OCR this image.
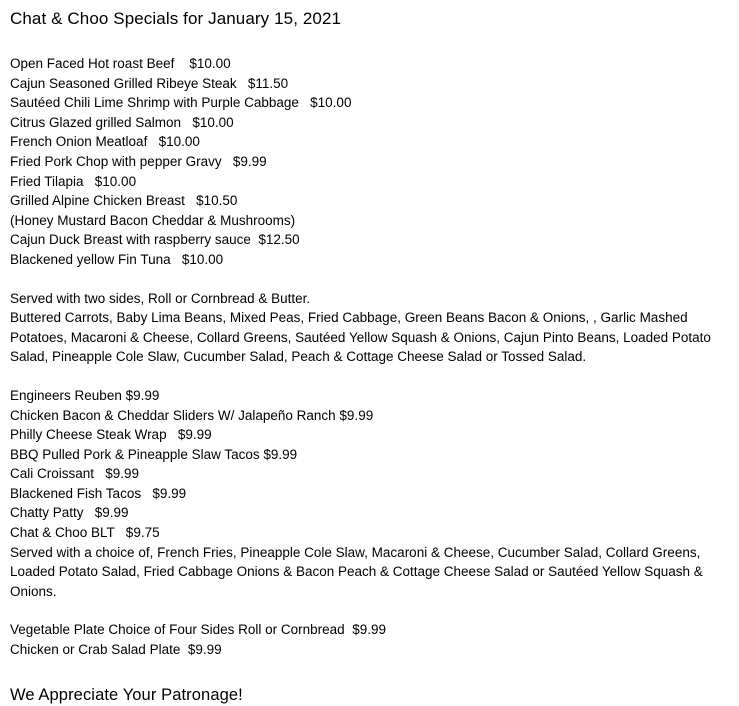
Chat & Choo Specials for January 15, 2021
Open Faced Hot roast Beef    $10.00
Cajun Seasoned Grilled Ribeye Steak   $11.50
Sautéed Chili Lime Shrimp with Purple Cabbage   $10.00
Citrus Glazed grilled Salmon   $10.00
French Onion Meatloaf   $10.00
Fried Pork Chop with pepper Gravy   $9.99
Fried Tilapia   $10.00
Grilled Alpine Chicken Breast   $10.50
(Honey Mustard Bacon Cheddar & Mushrooms)
Cajun Duck Breast with raspberry sauce  $12.50
Blackened yellow Fin Tuna   $10.00
Served with two sides, Roll or Cornbread & Butter.
Buttered Carrots, Baby Lima Beans, Mixed Peas, Fried Cabbage, Green Beans Bacon & Onions, , Garlic Mashed Potatoes, Macaroni & Cheese, Collard Greens, Sautéed Yellow Squash & Onions, Cajun Pinto Beans, Loaded Potato Salad, Pineapple Cole Slaw, Cucumber Salad, Peach & Cottage Cheese Salad or Tossed Salad.
Engineers Reuben $9.99
Chicken Bacon & Cheddar Sliders W/ Jalapeño Ranch $9.99
Philly Cheese Steak Wrap   $9.99
BBQ Pulled Pork & Pineapple Slaw Tacos $9.99
Cali Croissant   $9.99
Blackened Fish Tacos   $9.99
Chatty Patty   $9.99
Chat & Choo BLT   $9.75
Served with a choice of, French Fries, Pineapple Cole Slaw, Macaroni & Cheese, Cucumber Salad, Collard Greens, Loaded Potato Salad, Fried Cabbage Onions & Bacon Peach & Cottage Cheese Salad or Sautéed Yellow Squash & Onions.
Vegetable Plate Choice of Four Sides Roll or Cornbread  $9.99
Chicken or Crab Salad Plate  $9.99
We Appreciate Your Patronage!
